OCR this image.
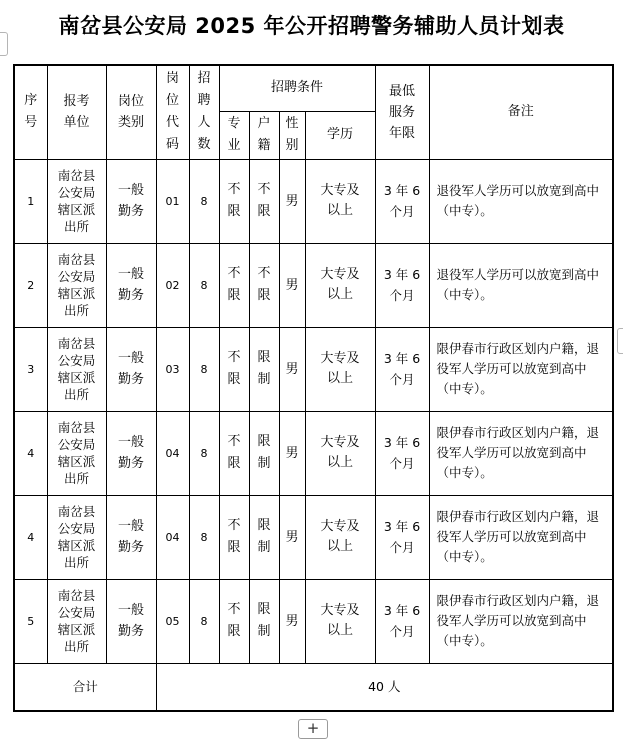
南岔县公安局 2025 年公开招聘警务辅助人员计划表
序号	报考单位	岗位类别	岗位代码	招聘人数	招聘条件				最低服务年限	备注
					专业	户籍	性别	学历		
1	南岔县公安局辖区派出所	一般勤务	01	8	不限	不限	男	大专及以上	3 年 6 个月	退役军人学历可以放宽到高中（中专）。
2	南岔县公安局辖区派出所	一般勤务	02	8	不限	不限	男	大专及以上	3 年 6 个月	退役军人学历可以放宽到高中（中专）。
3	南岔县公安局辖区派出所	一般勤务	03	8	不限	限制	男	大专及以上	3 年 6 个月	限伊春市行政区划内户籍，退役军人学历可以放宽到高中（中专）。
4	南岔县公安局辖区派出所	一般勤务	04	8	不限	限制	男	大专及以上	3 年 6 个月	限伊春市行政区划内户籍，退役军人学历可以放宽到高中（中专）。
4	南岔县公安局辖区派出所	一般勤务	04	8	不限	限制	男	大专及以上	3 年 6 个月	限伊春市行政区划内户籍，退役军人学历可以放宽到高中（中专）。
5	南岔县公安局辖区派出所	一般勤务	05	8	不限	限制	男	大专及以上	3 年 6 个月	限伊春市行政区划内户籍，退役军人学历可以放宽到高中（中专）。
合计			40 人							
+
